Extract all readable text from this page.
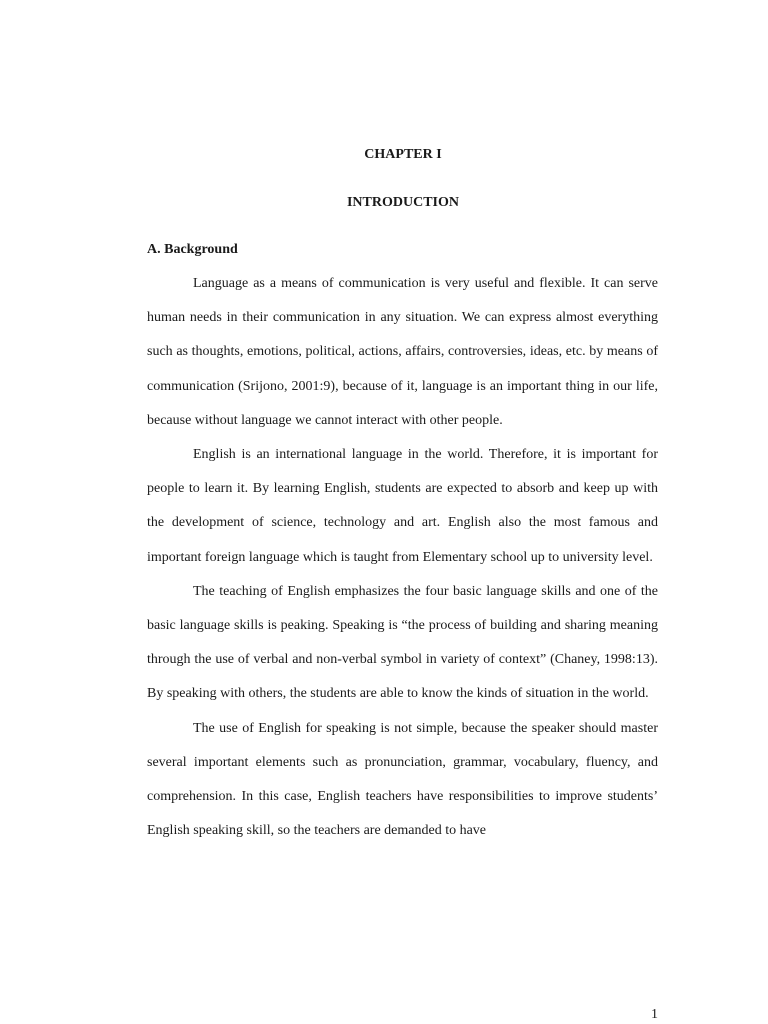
CHAPTER I
INTRODUCTION
A. Background

Language as a means of communication is very useful and flexible. It can serve human needs in their communication in any situation. We can express almost everything such as thoughts, emotions, political, actions, affairs, controversies, ideas, etc. by means of communication (Srijono, 2001:9), because of it, language is an important thing in our life, because without language we cannot interact with other people.

English is an international language in the world. Therefore, it is important for people to learn it. By learning English, students are expected to absorb and keep up with the development of science, technology and art. English also the most famous and important foreign language which is taught from Elementary school up to university level.

The teaching of English emphasizes the four basic language skills and one of the basic language skills is peaking. Speaking is “the process of building and sharing meaning through the use of verbal and non-verbal symbol in variety of context” (Chaney, 1998:13). By speaking with others, the students are able to know the kinds of situation in the world.

The use of English for speaking is not simple, because the speaker should master several important elements such as pronunciation, grammar, vocabulary, fluency, and comprehension. In this case, English teachers have responsibilities to improve students’ English speaking skill, so the teachers are demanded to have

1
